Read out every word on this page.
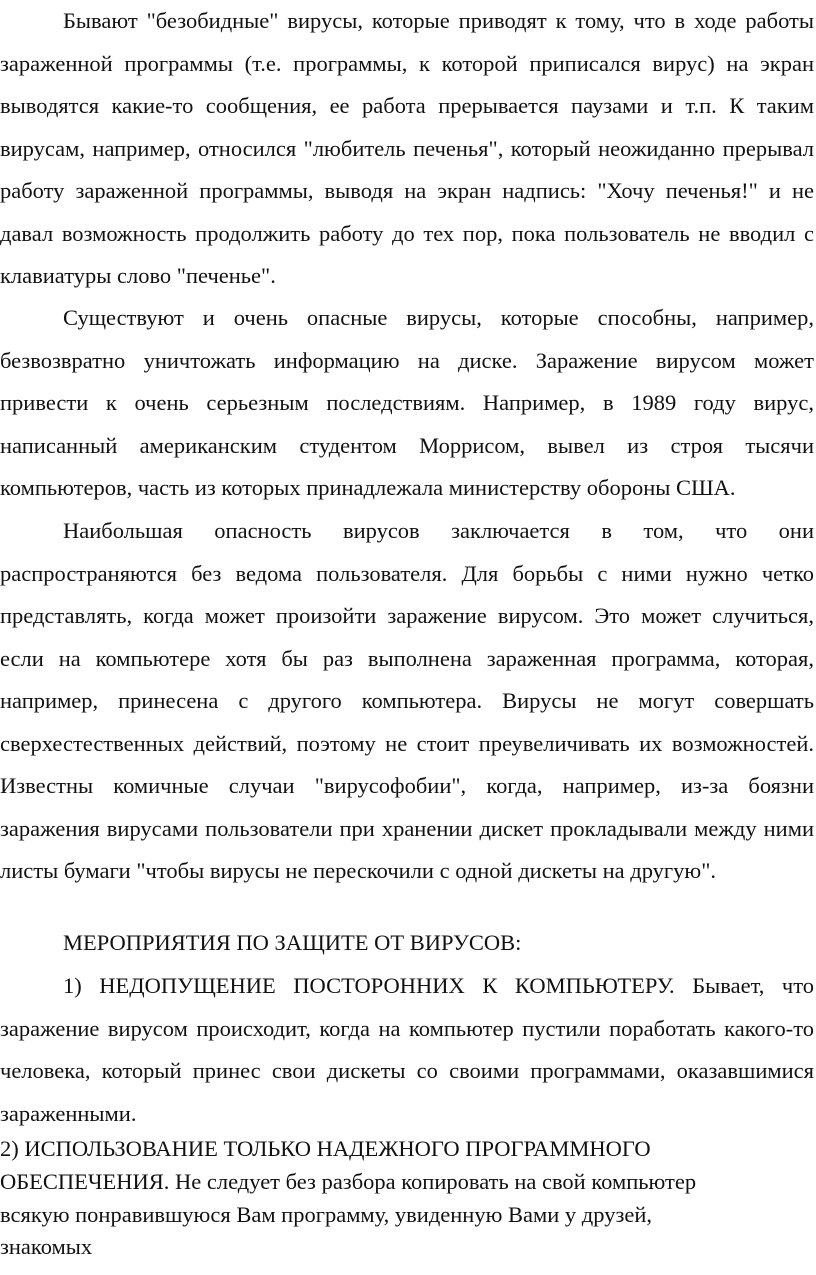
Бывают "безобидные" вирусы, которые приводят к тому, что в ходе работы зараженной программы (т.е. программы, к которой приписался вирус) на экран выводятся какие-то сообщения, ее работа прерывается паузами и т.п. К таким вирусам, например, относился "любитель печенья", который неожиданно прерывал работу зараженной программы, выводя на экран надпись: "Хочу печенья!" и не давал возможность продолжить работу до тех пор, пока пользователь не вводил с клавиатуры слово "печенье".

Существуют и очень опасные вирусы, которые способны, например, безвозвратно уничтожать информацию на диске. Заражение вирусом может привести к очень серьезным последствиям. Например, в 1989 году вирус, написанный американским студентом Моррисом, вывел из строя тысячи компьютеров, часть из которых принадлежала министерству обороны США.

Наибольшая опасность вирусов заключается в том, что они распространяются без ведома пользователя. Для борьбы с ними нужно четко представлять, когда может произойти заражение вирусом. Это может случиться, если на компьютере хотя бы раз выполнена зараженная программа, которая, например, принесена с другого компьютера. Вирусы не могут совершать сверхестественных действий, поэтому не стоит преувеличивать их возможностей. Известны комичные случаи "вирусофобии", когда, например, из-за боязни заражения вирусами пользователи при хранении дискет прокладывали между ними листы бумаги "чтобы вирусы не перескочили с одной дискеты на другую".

МЕРОПРИЯТИЯ ПО ЗАЩИТЕ ОТ ВИРУСОВ:

1) НЕДОПУЩЕНИЕ ПОСТОРОННИХ К КОМПЬЮТЕРУ. Бывает, что заражение вирусом происходит, когда на компьютер пустили поработать какого-то человека, который принес свои дискеты со своими программами, оказавшимися зараженными.

2) ИСПОЛЬЗОВАНИЕ ТОЛЬКО НАДЕЖНОГО ПРОГРАММНОГО

ОБЕСПЕЧЕНИЯ. Не следует без разбора копировать на свой компьютер

всякую понравившуюся Вам программу, увиденную Вами у друзей,

знакомых
